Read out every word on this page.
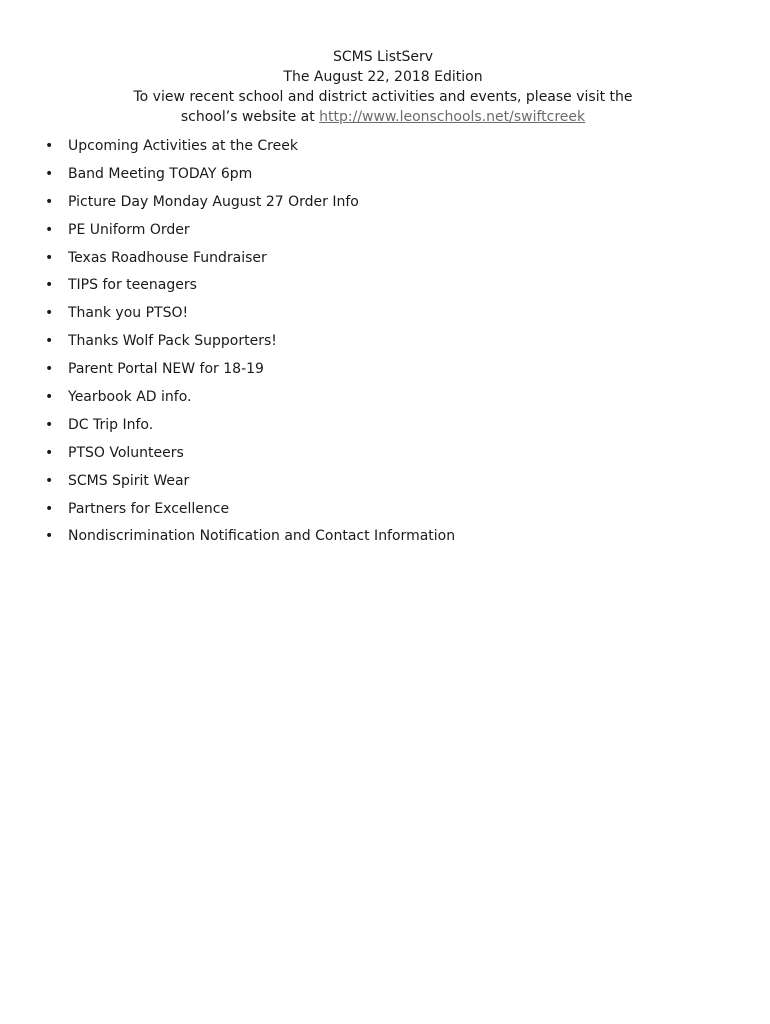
SCMS ListServ
The August 22, 2018 Edition
To view recent school and district activities and events, please visit the
school’s website at http://www.leonschools.net/swiftcreek
• Upcoming Activities at the Creek
• Band Meeting TODAY 6pm
• Picture Day Monday August 27 Order Info
• PE Uniform Order
• Texas Roadhouse Fundraiser
• TIPS for teenagers
• Thank you PTSO!
• Thanks Wolf Pack Supporters!
• Parent Portal NEW for 18-19
• Yearbook AD info.
• DC Trip Info.
• PTSO Volunteers
• SCMS Spirit Wear
• Partners for Excellence
• Nondiscrimination Notification and Contact Information
